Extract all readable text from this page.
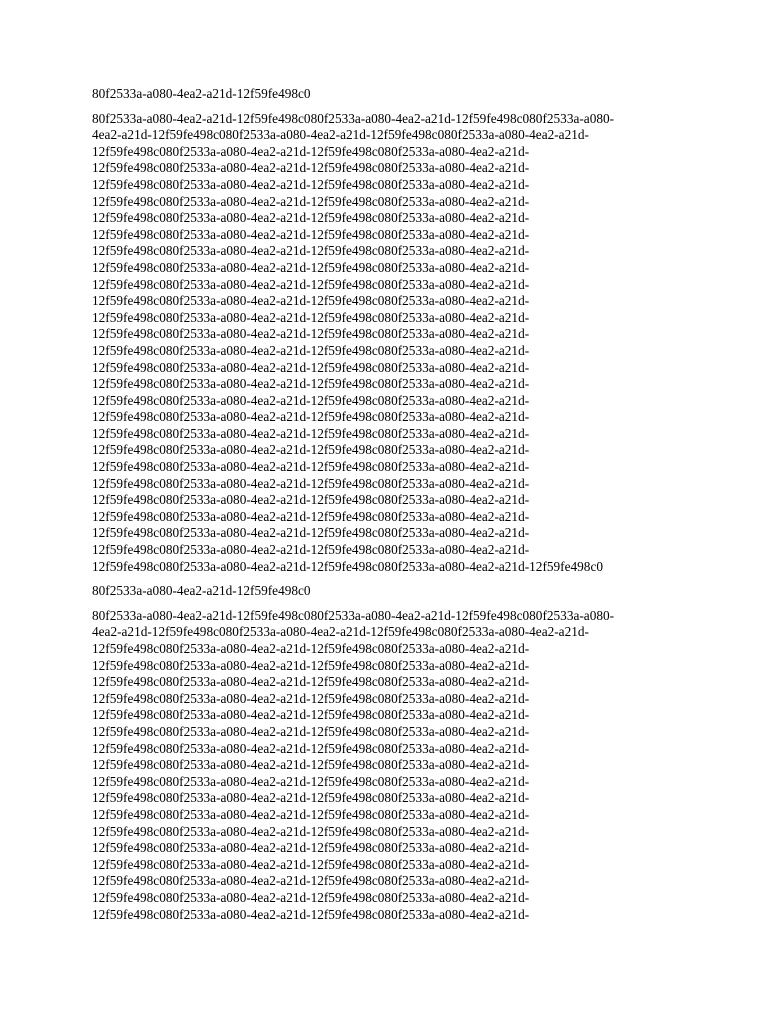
80f2533a-a080-4ea2-a21d-12f59fe498c0
80f2533a-a080-4ea2-a21d-12f59fe498c080f2533a-a080-4ea2-a21d-12f59fe498c080f2533a-a080-
4ea2-a21d-12f59fe498c080f2533a-a080-4ea2-a21d-12f59fe498c080f2533a-a080-4ea2-a21d-
12f59fe498c080f2533a-a080-4ea2-a21d-12f59fe498c080f2533a-a080-4ea2-a21d-
12f59fe498c080f2533a-a080-4ea2-a21d-12f59fe498c080f2533a-a080-4ea2-a21d-
12f59fe498c080f2533a-a080-4ea2-a21d-12f59fe498c080f2533a-a080-4ea2-a21d-
12f59fe498c080f2533a-a080-4ea2-a21d-12f59fe498c080f2533a-a080-4ea2-a21d-
12f59fe498c080f2533a-a080-4ea2-a21d-12f59fe498c080f2533a-a080-4ea2-a21d-
12f59fe498c080f2533a-a080-4ea2-a21d-12f59fe498c080f2533a-a080-4ea2-a21d-
12f59fe498c080f2533a-a080-4ea2-a21d-12f59fe498c080f2533a-a080-4ea2-a21d-
12f59fe498c080f2533a-a080-4ea2-a21d-12f59fe498c080f2533a-a080-4ea2-a21d-
12f59fe498c080f2533a-a080-4ea2-a21d-12f59fe498c080f2533a-a080-4ea2-a21d-
12f59fe498c080f2533a-a080-4ea2-a21d-12f59fe498c080f2533a-a080-4ea2-a21d-
12f59fe498c080f2533a-a080-4ea2-a21d-12f59fe498c080f2533a-a080-4ea2-a21d-
12f59fe498c080f2533a-a080-4ea2-a21d-12f59fe498c080f2533a-a080-4ea2-a21d-
12f59fe498c080f2533a-a080-4ea2-a21d-12f59fe498c080f2533a-a080-4ea2-a21d-
12f59fe498c080f2533a-a080-4ea2-a21d-12f59fe498c080f2533a-a080-4ea2-a21d-
12f59fe498c080f2533a-a080-4ea2-a21d-12f59fe498c080f2533a-a080-4ea2-a21d-
12f59fe498c080f2533a-a080-4ea2-a21d-12f59fe498c080f2533a-a080-4ea2-a21d-
12f59fe498c080f2533a-a080-4ea2-a21d-12f59fe498c080f2533a-a080-4ea2-a21d-
12f59fe498c080f2533a-a080-4ea2-a21d-12f59fe498c080f2533a-a080-4ea2-a21d-
12f59fe498c080f2533a-a080-4ea2-a21d-12f59fe498c080f2533a-a080-4ea2-a21d-
12f59fe498c080f2533a-a080-4ea2-a21d-12f59fe498c080f2533a-a080-4ea2-a21d-
12f59fe498c080f2533a-a080-4ea2-a21d-12f59fe498c080f2533a-a080-4ea2-a21d-
12f59fe498c080f2533a-a080-4ea2-a21d-12f59fe498c080f2533a-a080-4ea2-a21d-
12f59fe498c080f2533a-a080-4ea2-a21d-12f59fe498c080f2533a-a080-4ea2-a21d-
12f59fe498c080f2533a-a080-4ea2-a21d-12f59fe498c080f2533a-a080-4ea2-a21d-
12f59fe498c080f2533a-a080-4ea2-a21d-12f59fe498c080f2533a-a080-4ea2-a21d-
12f59fe498c080f2533a-a080-4ea2-a21d-12f59fe498c080f2533a-a080-4ea2-a21d-12f59fe498c0
80f2533a-a080-4ea2-a21d-12f59fe498c0
80f2533a-a080-4ea2-a21d-12f59fe498c080f2533a-a080-4ea2-a21d-12f59fe498c080f2533a-a080-
4ea2-a21d-12f59fe498c080f2533a-a080-4ea2-a21d-12f59fe498c080f2533a-a080-4ea2-a21d-
12f59fe498c080f2533a-a080-4ea2-a21d-12f59fe498c080f2533a-a080-4ea2-a21d-
12f59fe498c080f2533a-a080-4ea2-a21d-12f59fe498c080f2533a-a080-4ea2-a21d-
12f59fe498c080f2533a-a080-4ea2-a21d-12f59fe498c080f2533a-a080-4ea2-a21d-
12f59fe498c080f2533a-a080-4ea2-a21d-12f59fe498c080f2533a-a080-4ea2-a21d-
12f59fe498c080f2533a-a080-4ea2-a21d-12f59fe498c080f2533a-a080-4ea2-a21d-
12f59fe498c080f2533a-a080-4ea2-a21d-12f59fe498c080f2533a-a080-4ea2-a21d-
12f59fe498c080f2533a-a080-4ea2-a21d-12f59fe498c080f2533a-a080-4ea2-a21d-
12f59fe498c080f2533a-a080-4ea2-a21d-12f59fe498c080f2533a-a080-4ea2-a21d-
12f59fe498c080f2533a-a080-4ea2-a21d-12f59fe498c080f2533a-a080-4ea2-a21d-
12f59fe498c080f2533a-a080-4ea2-a21d-12f59fe498c080f2533a-a080-4ea2-a21d-
12f59fe498c080f2533a-a080-4ea2-a21d-12f59fe498c080f2533a-a080-4ea2-a21d-
12f59fe498c080f2533a-a080-4ea2-a21d-12f59fe498c080f2533a-a080-4ea2-a21d-
12f59fe498c080f2533a-a080-4ea2-a21d-12f59fe498c080f2533a-a080-4ea2-a21d-
12f59fe498c080f2533a-a080-4ea2-a21d-12f59fe498c080f2533a-a080-4ea2-a21d-
12f59fe498c080f2533a-a080-4ea2-a21d-12f59fe498c080f2533a-a080-4ea2-a21d-
12f59fe498c080f2533a-a080-4ea2-a21d-12f59fe498c080f2533a-a080-4ea2-a21d-
12f59fe498c080f2533a-a080-4ea2-a21d-12f59fe498c080f2533a-a080-4ea2-a21d-
